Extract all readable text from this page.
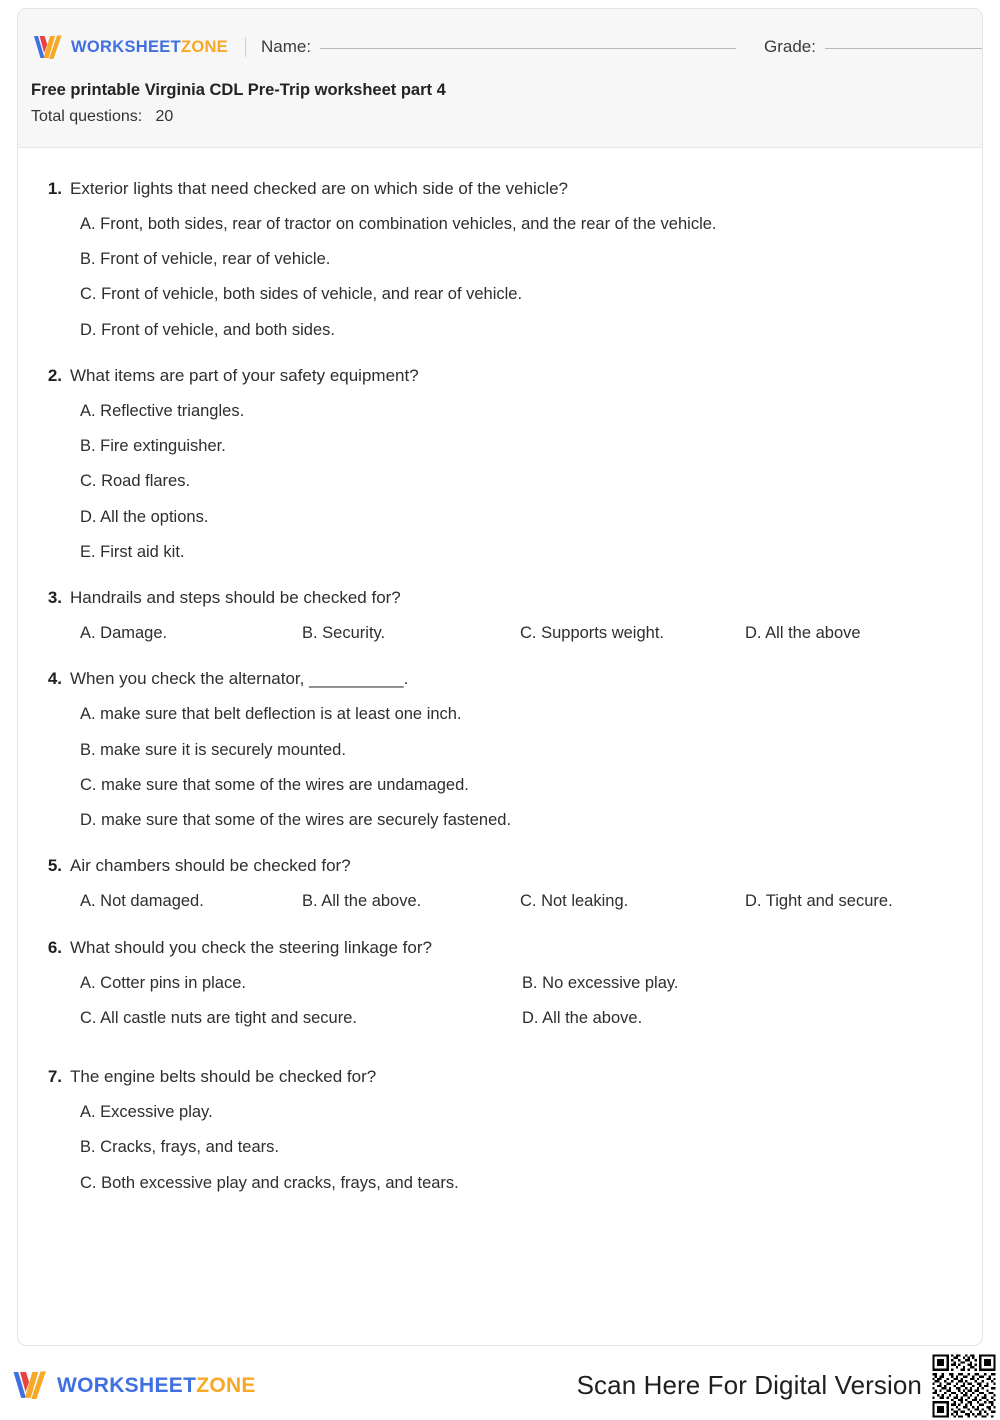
WORKSHEETZONE Name:	Grade:
Free printable Virginia CDL Pre-Trip worksheet part 4
Total questions: 20
1. Exterior lights that need checked are on which side of the vehicle?
A. Front, both sides, rear of tractor on combination vehicles, and the rear of the vehicle.
B. Front of vehicle, rear of vehicle.
C. Front of vehicle, both sides of vehicle, and rear of vehicle.
D. Front of vehicle, and both sides.
2. What items are part of your safety equipment?
A. Reflective triangles.
B. Fire extinguisher.
C. Road flares.
D. All the options.
E. First aid kit.
3. Handrails and steps should be checked for?
A. Damage.	B. Security.	C. Supports weight.	D. All the above
4. When you check the alternator, __________.
A. make sure that belt deflection is at least one inch.
B. make sure it is securely mounted.
C. make sure that some of the wires are undamaged.
D. make sure that some of the wires are securely fastened.
5. Air chambers should be checked for?
A. Not damaged.	B. All the above.	C. Not leaking.	D. Tight and secure.
6. What should you check the steering linkage for?
A. Cotter pins in place.	B. No excessive play.
C. All castle nuts are tight and secure.	D. All the above.
7. The engine belts should be checked for?
A. Excessive play.
B. Cracks, frays, and tears.
C. Both excessive play and cracks, frays, and tears.
WORKSHEETZONE	Scan Here For Digital Version
